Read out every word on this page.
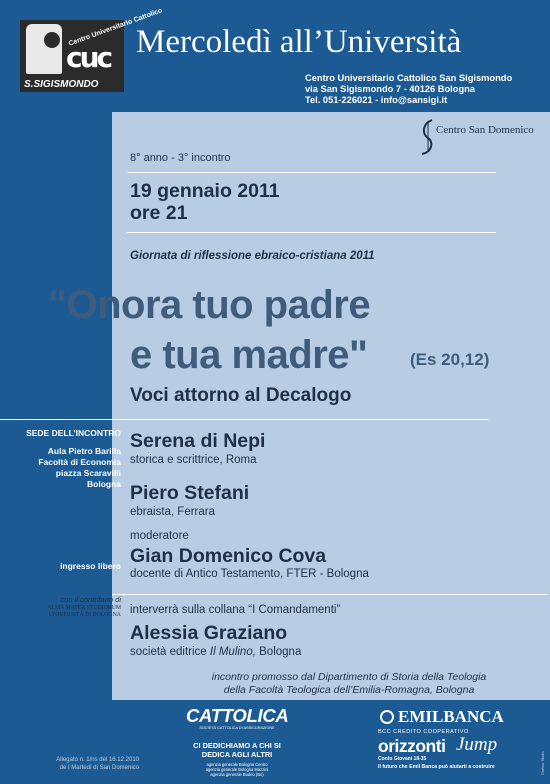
Centro Universitario Cattolico
cuc
S.SIGISMONDO
Mercoledì all’Università
Centro Universitario Cattolico San Sigismondo
via San Sigismondo 7 - 40126 Bologna
Tel. 051-226021 - info@sansigi.it
Centro San Domenico
8° anno - 3° incontro
19 gennaio 2011
ore 21
Giornata di riflessione ebraico-cristiana 2011
"Onora tuo padre
e tua madre"	(Es 20,12)
Voci attorno al Decalogo
SEDE DELL’INCONTRO
Aula Pietro Barilla
Facoltà di Economia
piazza Scaravilli
Bologna
ingresso libero
con il contributo di
ALMA MATER STUDIORUM
UNIVERSITÀ DI BOLOGNA
Serena di Nepi
storica e scrittrice, Roma
Piero Stefani
ebraista, Ferrara
moderatore
Gian Domenico Cova
docente di Antico Testamento, FTER - Bologna
interverrà sulla collana “I Comandamenti”
Alessia Graziano
società editrice Il Mulino, Bologna
incontro promosso dal Dipartimento di Storia della Teologia
della Facoltà Teologica dell’Emilia-Romagna, Bologna
CATTOLICA
SOCIETÀ CATTOLICA DI ASSICURAZIONE
CI DEDICHIAMO A CHI SI
DEDICA AGLI ALTRI
agenzia generale Bologna Centro
agenzia generale Bologna Mazzini
agenzia generale Budrio (Bo)
EMILBANCA
BCC CREDITO COOPERATIVO
orizzonti Jump
Conto Giovani 18-35
Il futuro che Emil Banca può aiutarti a costruire
Allegato n. 1/ns del 16.12.2010
de I Martedì di San Domenico	Grafica: Studio
